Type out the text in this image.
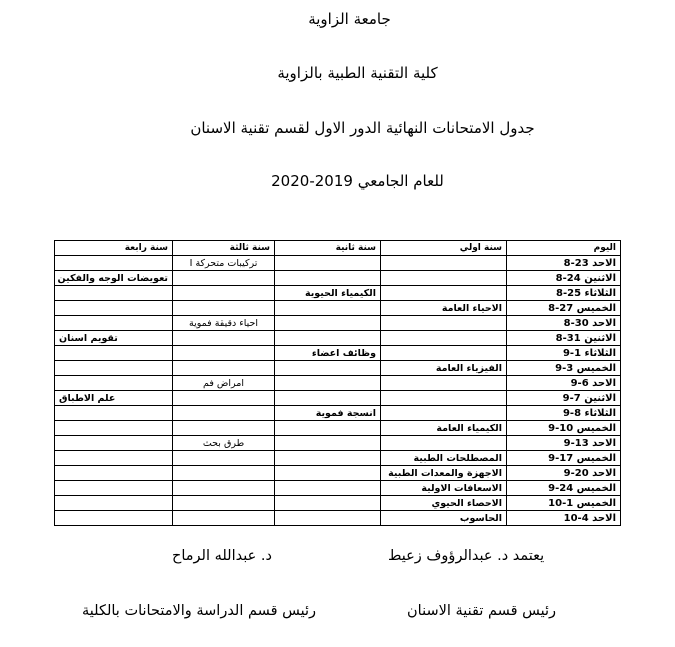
جامعة الزاوية
كلية التقنية الطبية بالزاوية
جدول الامتحانات النهائية الدور الاول لقسم تقنية الاسنان
للعام الجامعي 2019-2020
اليوم	سنة اولي	سنة ثانية	سنة ثالثة	سنة رابعة
الاحد 23-8			تركيبات متحركة I	
الاثنين 24-8				تعويضات الوجه والفكين
الثلاثاء 25-8		الكيمياء الحيوية		
الخميس 27-8	الاحياء العامة			
الاحد 30-8			احياء دقيقة فموية	
الاثنين 31-8				تقويم اسنان
الثلاثاء 1-9		وظائف اعضاء		
الخميس 3-9	الفيزياء العامة			
الاحد 6-9			امراض فم	
الاثنين 7-9				علم الاطباق
الثلاثاء 8-9		انسجة فموية		
الخميس 10-9	الكيمياء العامة			
الاحد 13-9			طرق بحث	
الخميس 17-9	المصطلحات الطبية			
الاحد 20-9	الاجهزة والمعدات الطبية			
الخميس 24-9	الاسعافات الاولية			
الخميس 1-10	الاحصاء الحيوي			
الاحد 4-10	الحاسوب			
يعتمد د. عبدالرؤوف زعيط
د. عبدالله الرماح
رئيس قسم تقنية الاسنان
رئيس قسم الدراسة والامتحانات بالكلية
